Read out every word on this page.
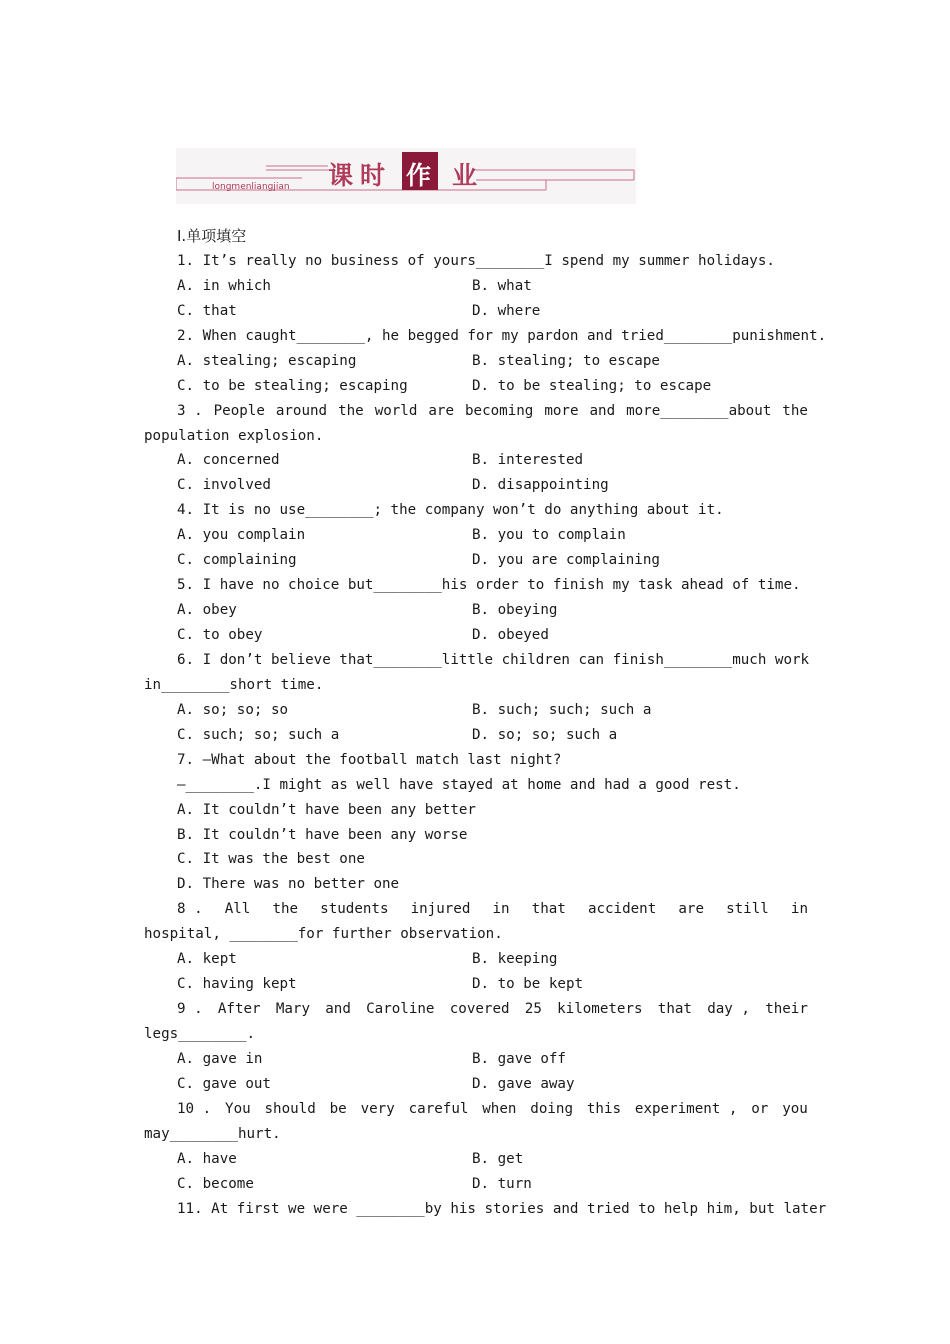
课 时 作 业
longmenliangjian
Ⅰ.单项填空
1. It’s really no business of yours________I spend my summer holidays.
A. in which	B. what
C. that	D. where
2. When caught________, he begged for my pardon and tried________punishment.
A. stealing; escaping	B. stealing; to escape
C. to be stealing; escaping	D. to be stealing; to escape
3 . People around the world are becoming more and more________about the
population explosion.
A. concerned	B. interested
C. involved	D. disappointing
4. It is no use________; the company won’t do anything about it.
A. you complain	B. you to complain
C. complaining	D. you are complaining
5. I have no choice but________his order to finish my task ahead of time.
A. obey	B. obeying
C. to obey	D. obeyed
6. I don’t believe that________little children can finish________much work
in________short time.
A. so; so; so	B. such; such; such a
C. such; so; such a	D. so; so; such a
7. —What about the football match last night?
—________.I might as well have stayed at home and had a good rest.
A. It couldn’t have been any better
B. It couldn’t have been any worse
C. It was the best one
D. There was no better one
8 . All the students injured in that accident are still in
hospital, ________for further observation.
A. kept	B. keeping
C. having kept	D. to be kept
9 . After Mary and Caroline covered 25 kilometers that day , their
legs________.
A. gave in	B. gave off
C. gave out	D. gave away
10 . You should be very careful when doing this experiment , or you
may________hurt.
A. have	B. get
C. become	D. turn
11. At first we were ________by his stories and tried to help him, but later
